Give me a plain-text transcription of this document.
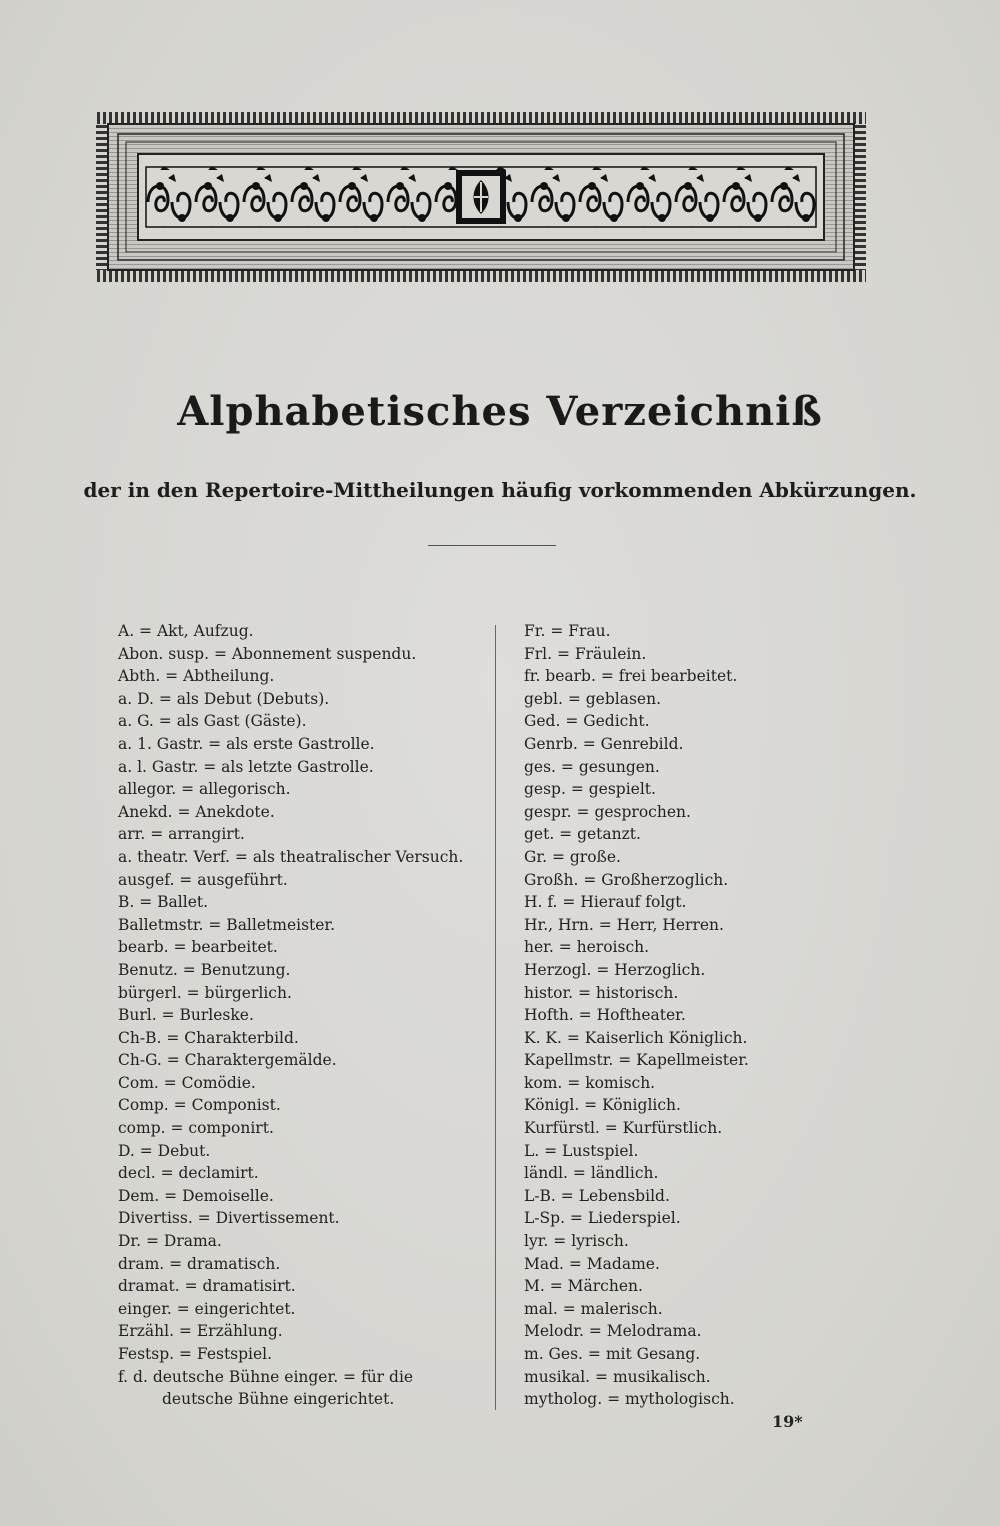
Alphabetisches Verzeichniß
der in den Repertoire-Mittheilungen häufig vorkommenden Abkürzungen.
A. = Akt, Aufzug.
Abon. susp. = Abonnement suspendu.
Abth. = Abtheilung.
a. D. = als Debut (Debuts).
a. G. = als Gast (Gäste).
a. 1. Gastr. = als erste Gastrolle.
a. l. Gastr. = als letzte Gastrolle.
allegor. = allegorisch.
Anekd. = Anekdote.
arr. = arrangirt.
a. theatr. Verf. = als theatralischer Versuch.
ausgef. = ausgeführt.
B. = Ballet.
Balletmstr. = Balletmeister.
bearb. = bearbeitet.
Benutz. = Benutzung.
bürgerl. = bürgerlich.
Burl. = Burleske.
Ch-B. = Charakterbild.
Ch-G. = Charaktergemälde.
Com. = Comödie.
Comp. = Componist.
comp. = componirt.
D. = Debut.
decl. = declamirt.
Dem. = Demoiselle.
Divertiss. = Divertissement.
Dr. = Drama.
dram. = dramatisch.
dramat. = dramatisirt.
einger. = eingerichtet.
Erzähl. = Erzählung.
Festsp. = Festspiel.
f. d. deutsche Bühne einger. = für die
deutsche Bühne eingerichtet.
Fr. = Frau.
Frl. = Fräulein.
fr. bearb. = frei bearbeitet.
gebl. = geblasen.
Ged. = Gedicht.
Genrb. = Genrebild.
ges. = gesungen.
gesp. = gespielt.
gespr. = gesprochen.
get. = getanzt.
Gr. = große.
Großh. = Großherzoglich.
H. f. = Hierauf folgt.
Hr., Hrn. = Herr, Herren.
her. = heroisch.
Herzogl. = Herzoglich.
histor. = historisch.
Hofth. = Hoftheater.
K. K. = Kaiserlich Königlich.
Kapellmstr. = Kapellmeister.
kom. = komisch.
Königl. = Königlich.
Kurfürstl. = Kurfürstlich.
L. = Lustspiel.
ländl. = ländlich.
L-B. = Lebensbild.
L-Sp. = Liederspiel.
lyr. = lyrisch.
Mad. = Madame.
M. = Märchen.
mal. = malerisch.
Melodr. = Melodrama.
m. Ges. = mit Gesang.
musikal. = musikalisch.
mytholog. = mythologisch.
19*
